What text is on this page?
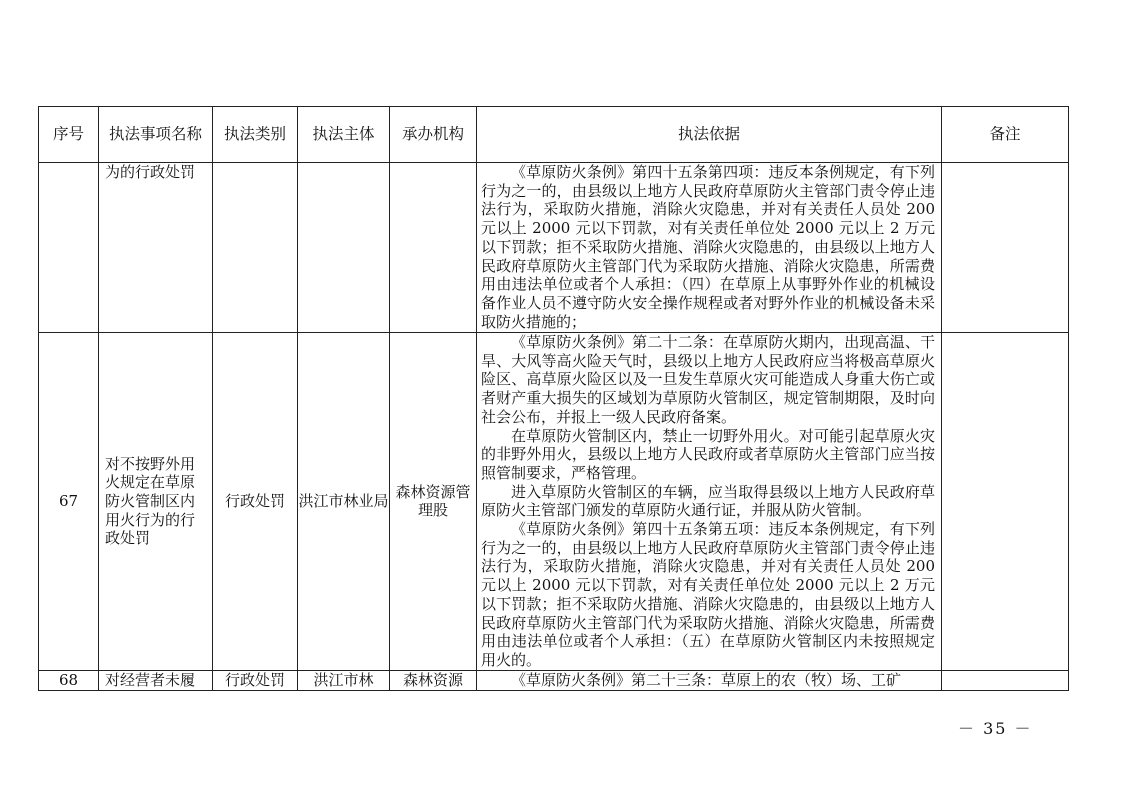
序号	执法事项名称	执法类别	执法主体	承办机构	执法依据	备注
	为的行政处罚				《草原防火条例》第四十五条第四项：违反本条例规定，有下列行为之一的，由县级以上地方人民政府草原防火主管部门责令停止违法行为，采取防火措施，消除火灾隐患，并对有关责任人员处 200 元以上 2000 元以下罚款，对有关责任单位处 2000 元以上 2 万元以下罚款；拒不采取防火措施、消除火灾隐患的，由县级以上地方人民政府草原防火主管部门代为采取防火措施、消除火灾隐患，所需费用由违法单位或者个人承担：（四）在草原上从事野外作业的机械设备作业人员不遵守防火安全操作规程或者对野外作业的机械设备未采取防火措施的；	

67	对不按野外用火规定在草原防火管制区内用火行为的行政处罚	行政处罚	洪江市林业局	森林资源管理股	《草原防火条例》第二十二条：在草原防火期内，出现高温、干旱、大风等高火险天气时，县级以上地方人民政府应当将极高草原火险区、高草原火险区以及一旦发生草原火灾可能造成人身重大伤亡或者财产重大损失的区域划为草原防火管制区，规定管制期限，及时向社会公布，并报上一级人民政府备案。

在草原防火管制区内，禁止一切野外用火。对可能引起草原火灾的非野外用火，县级以上地方人民政府或者草原防火主管部门应当按照管制要求，严格管理。

进入草原防火管制区的车辆，应当取得县级以上地方人民政府草原防火主管部门颁发的草原防火通行证，并服从防火管制。

《草原防火条例》第四十五条第五项：违反本条例规定，有下列行为之一的，由县级以上地方人民政府草原防火主管部门责令停止违法行为，采取防火措施，消除火灾隐患，并对有关责任人员处 200 元以上 2000 元以下罚款，对有关责任单位处 2000 元以上 2 万元以下罚款；拒不采取防火措施、消除火灾隐患的，由县级以上地方人民政府草原防火主管部门代为采取防火措施、消除火灾隐患，所需费用由违法单位或者个人承担：（五）在草原防火管制区内未按照规定用火的。	

68	对经营者未履	行政处罚	洪江市林	森林资源	《草原防火条例》第二十三条：草原上的农（牧）场、工矿	

－ 35 －
